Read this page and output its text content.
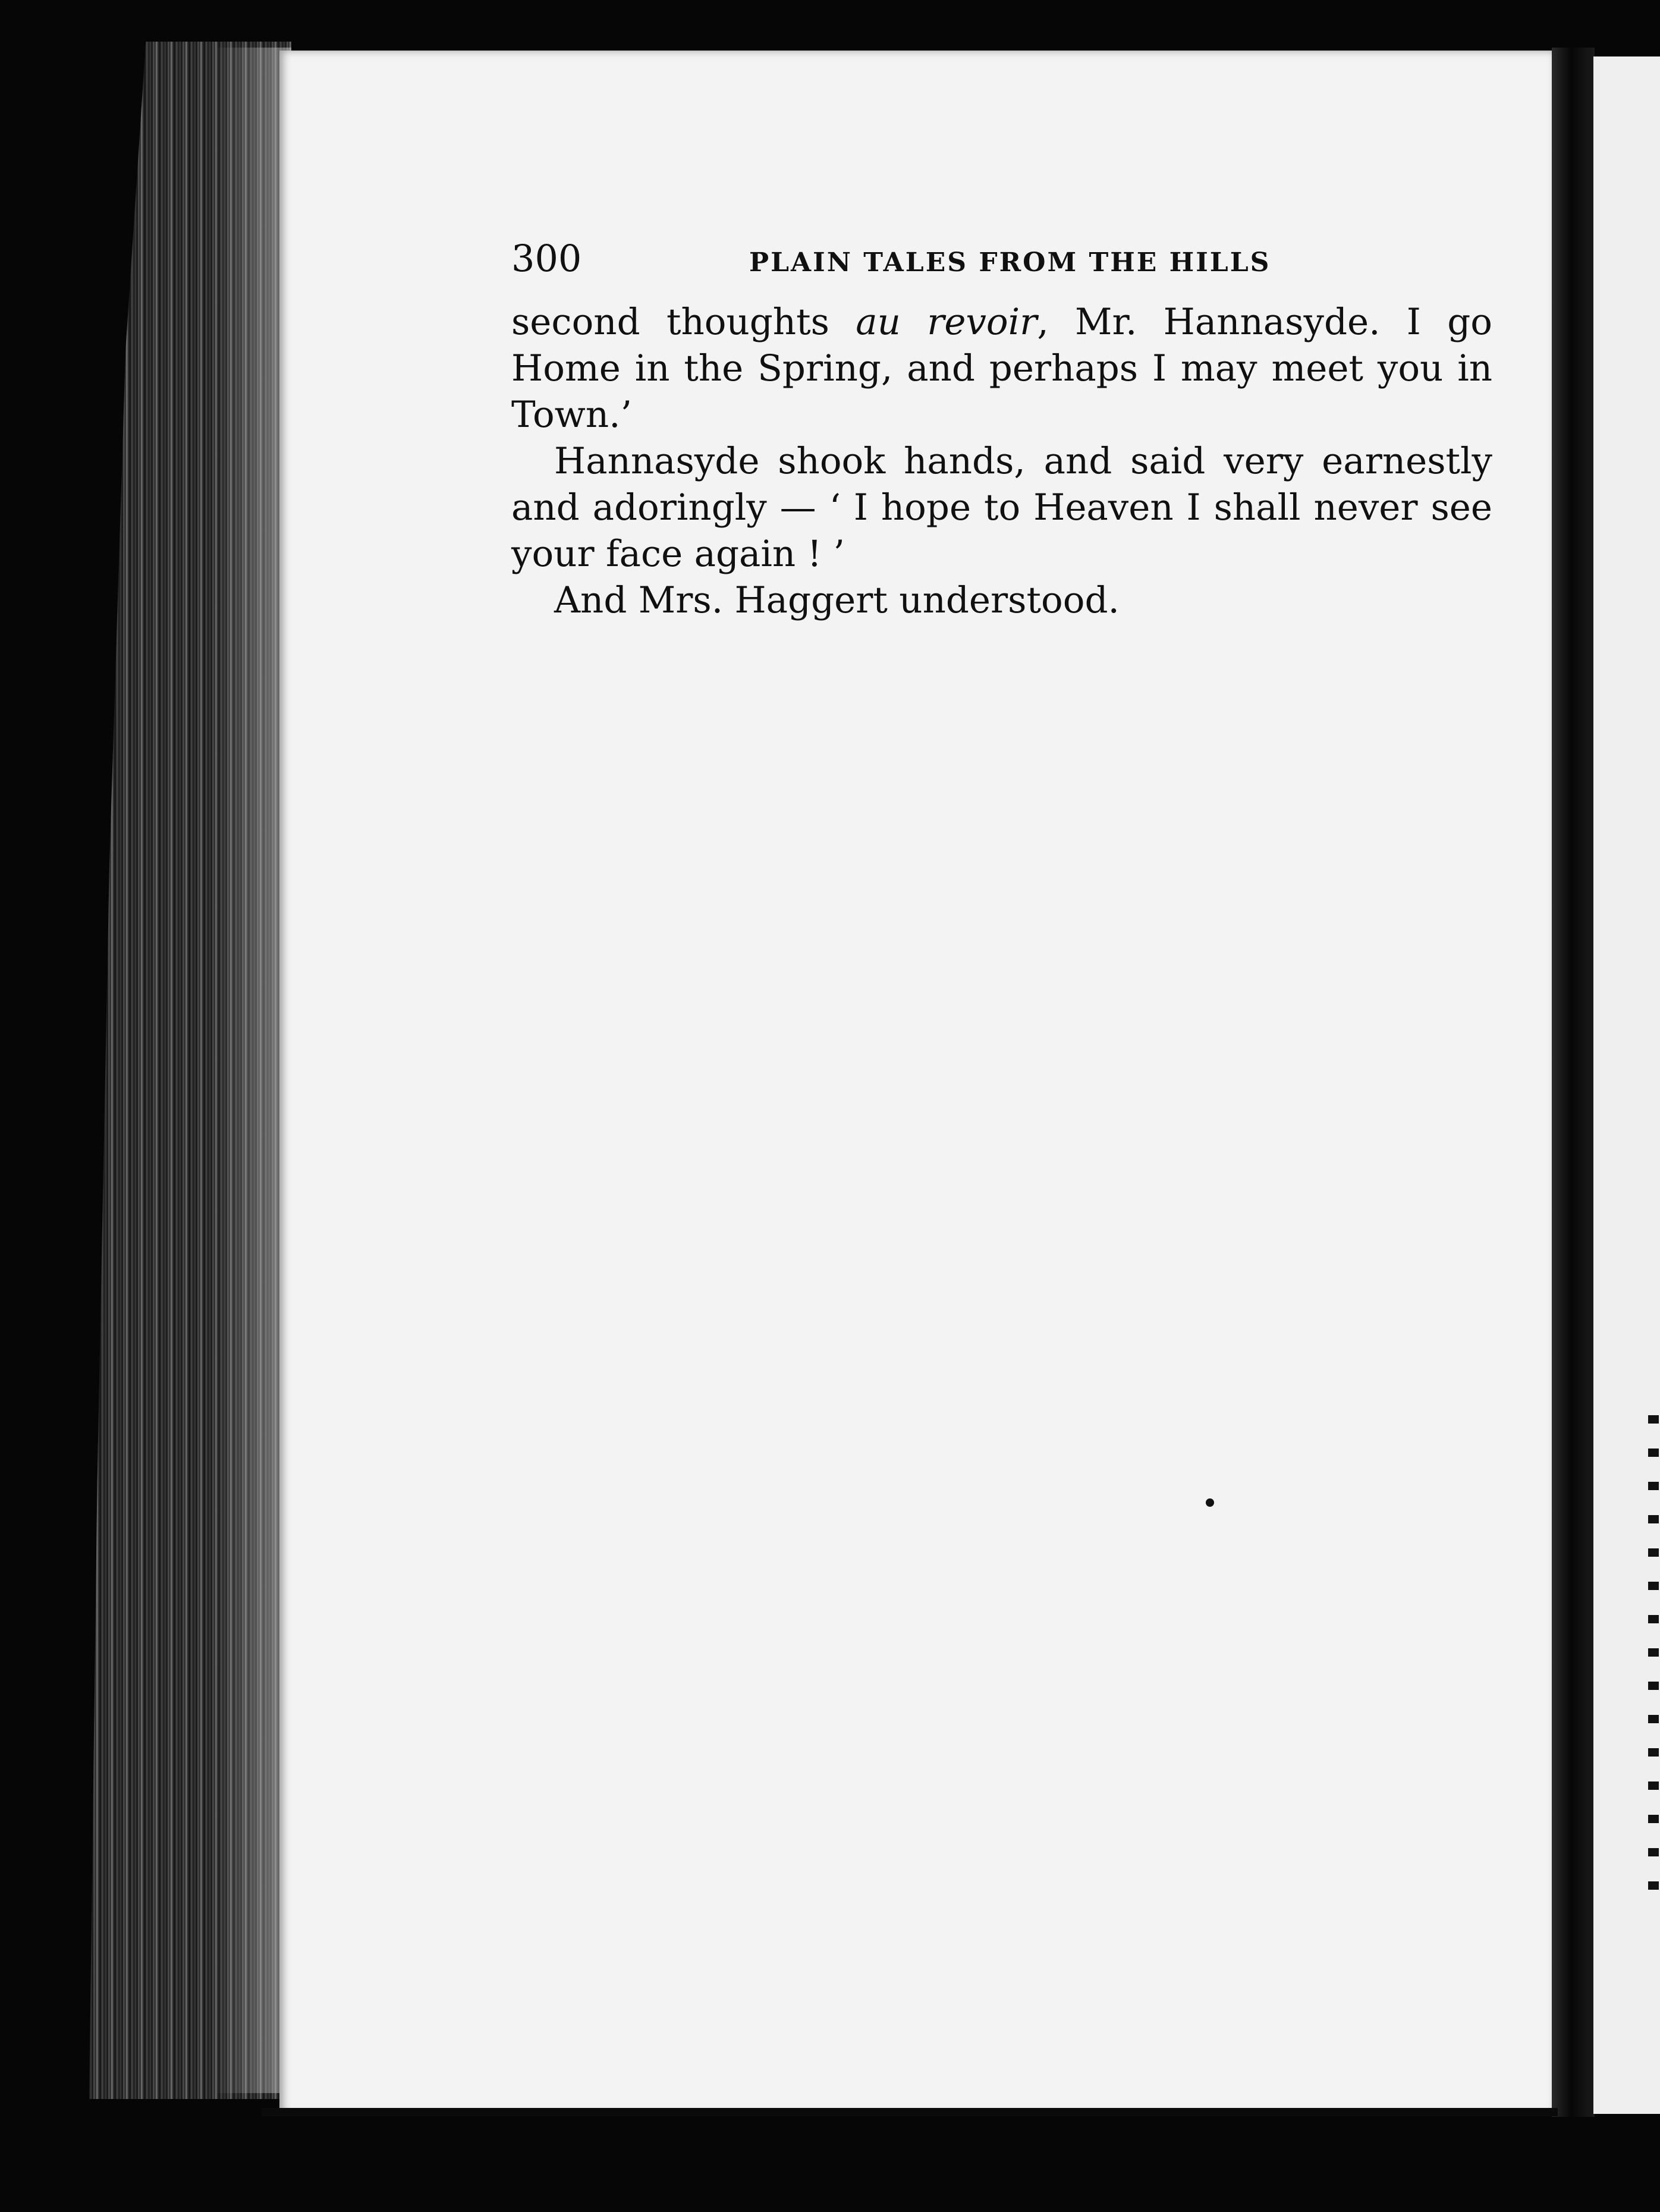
300	PLAIN TALES FROM THE HILLS

second thoughts au revoir, Mr. Hannasyde. I go
Home in the Spring, and perhaps I may meet you in
Town.’

Hannasyde shook hands, and said very earnestly
and adoringly — ‘ I hope to Heaven I shall never see
your face again ! ’

And Mrs. Haggert understood.
